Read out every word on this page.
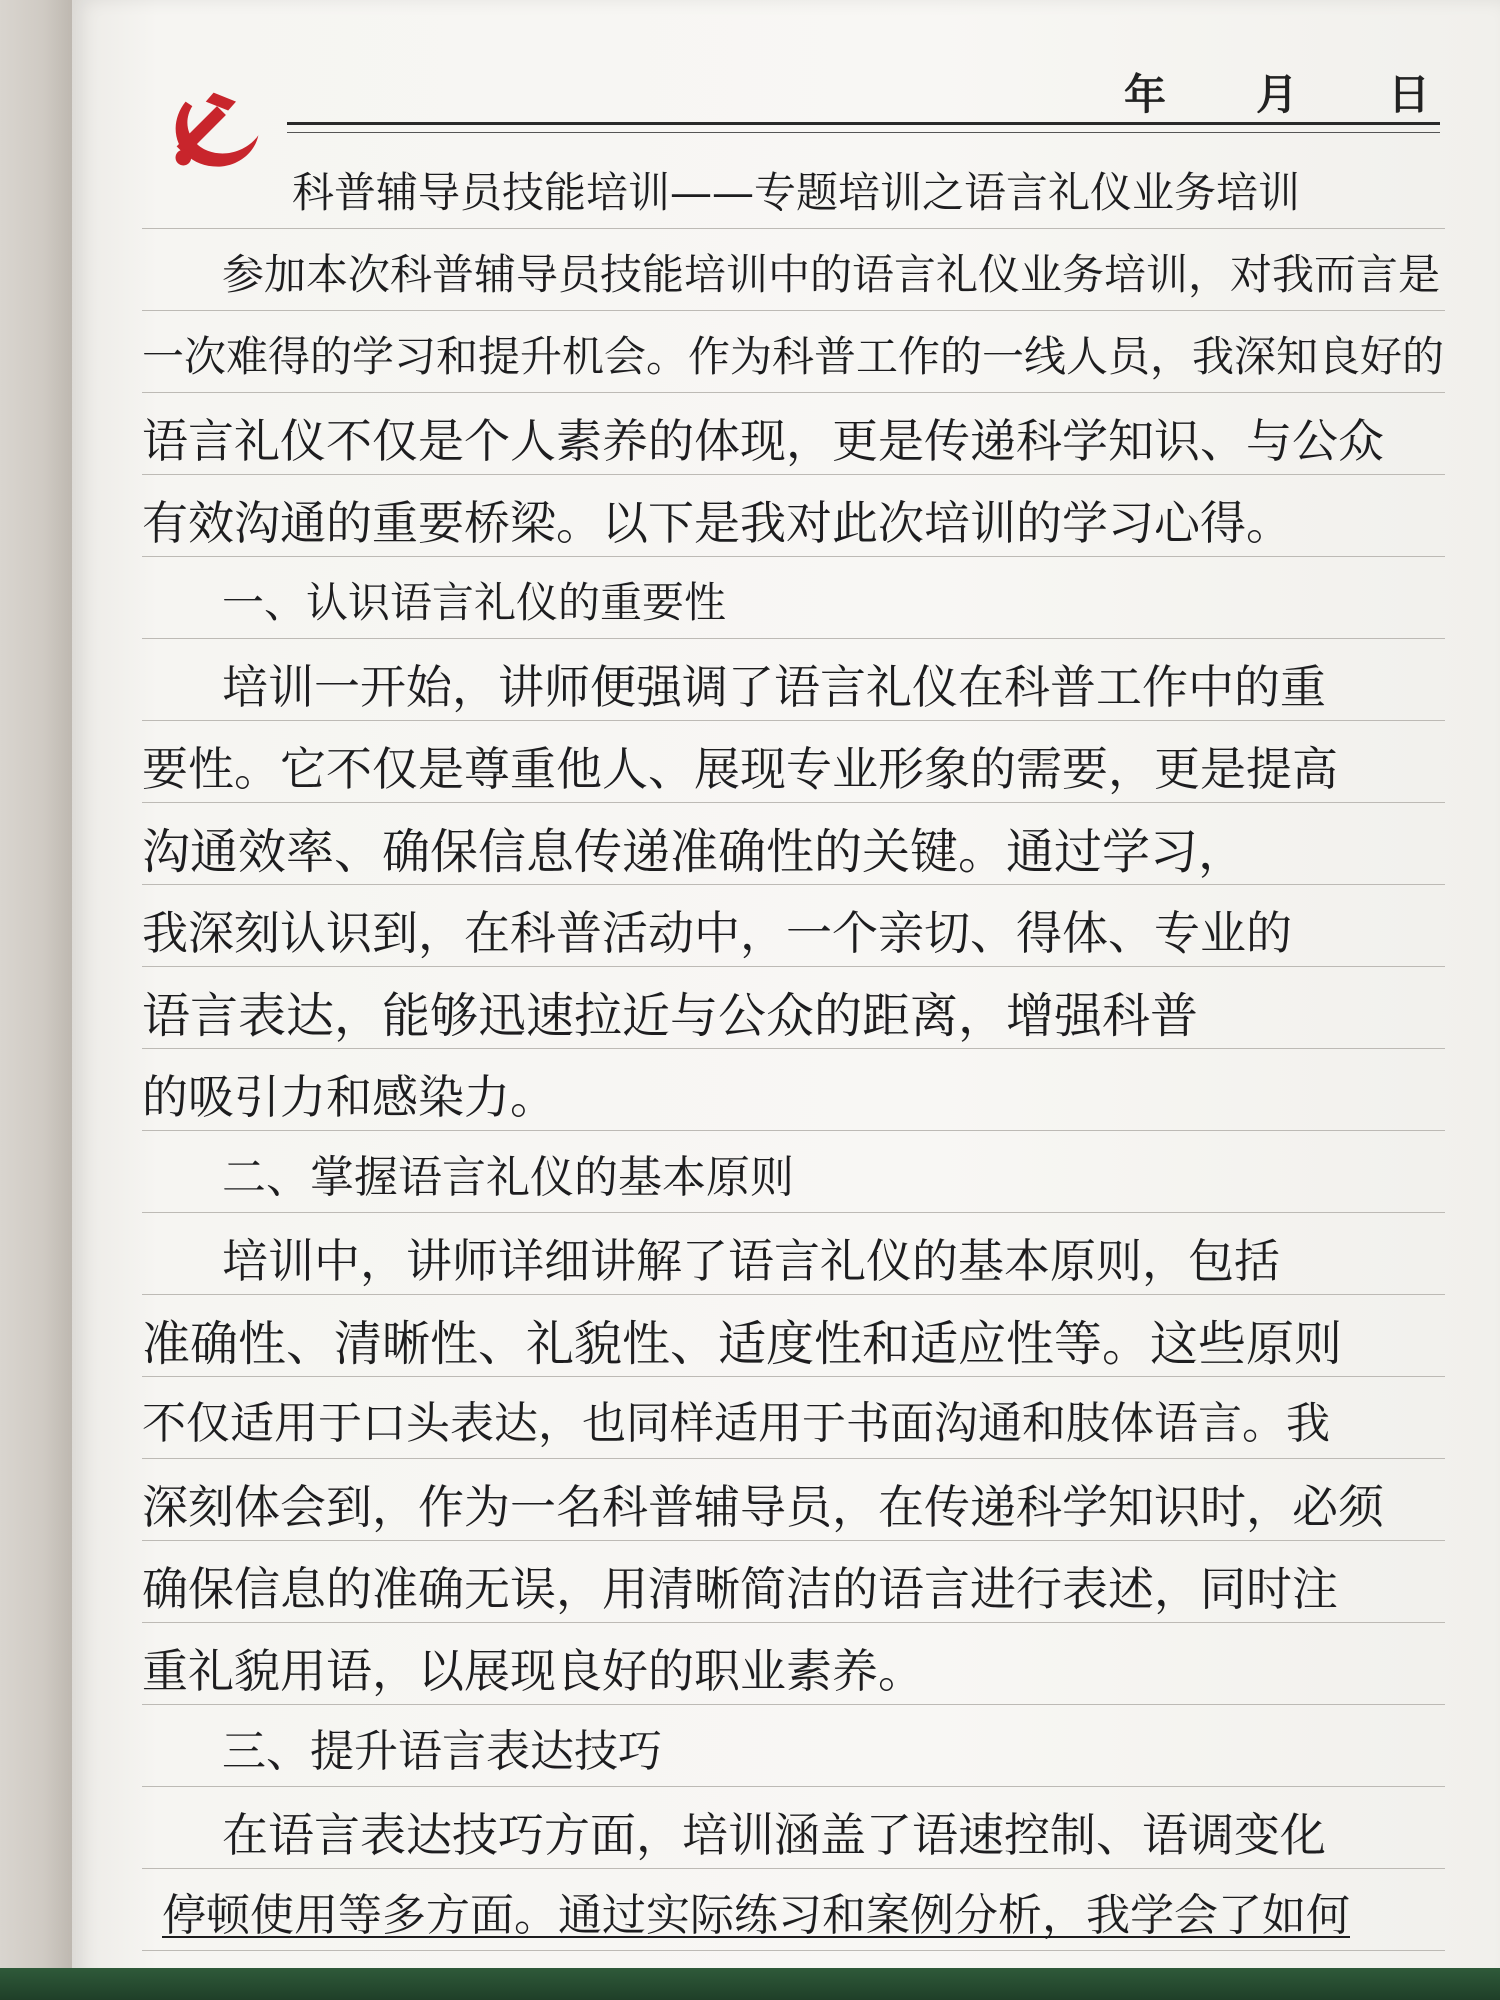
年 月 日
科普辅导员技能培训——专题培训之语言礼仪业务培训
参加本次科普辅导员技能培训中的语言礼仪业务培训，对我而言是
一次难得的学习和提升机会。作为科普工作的一线人员，我深知良好的
语言礼仪不仅是个人素养的体现，更是传递科学知识、与公众
有效沟通的重要桥梁。以下是我对此次培训的学习心得。
一、认识语言礼仪的重要性
培训一开始，讲师便强调了语言礼仪在科普工作中的重
要性。它不仅是尊重他人、展现专业形象的需要，更是提高
沟通效率、确保信息传递准确性的关键。通过学习，
我深刻认识到，在科普活动中，一个亲切、得体、专业的
语言表达，能够迅速拉近与公众的距离，增强科普
的吸引力和感染力。
二、掌握语言礼仪的基本原则
培训中，讲师详细讲解了语言礼仪的基本原则，包括
准确性、清晰性、礼貌性、适度性和适应性等。这些原则
不仅适用于口头表达，也同样适用于书面沟通和肢体语言。我
深刻体会到，作为一名科普辅导员，在传递科学知识时，必须
确保信息的准确无误，用清晰简洁的语言进行表述，同时注
重礼貌用语，以展现良好的职业素养。
三、提升语言表达技巧
在语言表达技巧方面，培训涵盖了语速控制、语调变化
停顿使用等多方面。通过实际练习和案例分析，我学会了如何
